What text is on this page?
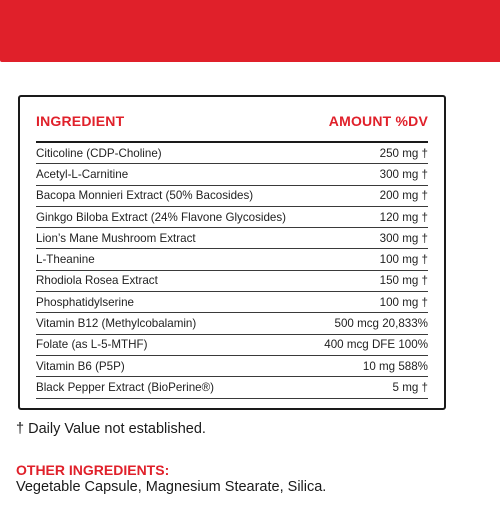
INGREDIENT	AMOUNT %DV
Citicoline (CDP-Choline)	250 mg †
Acetyl-L-Carnitine	300 mg †
Bacopa Monnieri Extract (50% Bacosides)	200 mg †
Ginkgo Biloba Extract (24% Flavone Glycosides)	120 mg †
Lion’s Mane Mushroom Extract	300 mg †
L-Theanine	100 mg †
Rhodiola Rosea Extract	150 mg †
Phosphatidylserine	100 mg †
Vitamin B12 (Methylcobalamin)	500 mcg 20,833%
Folate (as L-5-MTHF)	400 mcg DFE 100%
Vitamin B6 (P5P)	10 mg 588%
Black Pepper Extract (BioPerine®)	5 mg †
† Daily Value not established.
OTHER INGREDIENTS:
Vegetable Capsule, Magnesium Stearate, Silica.
